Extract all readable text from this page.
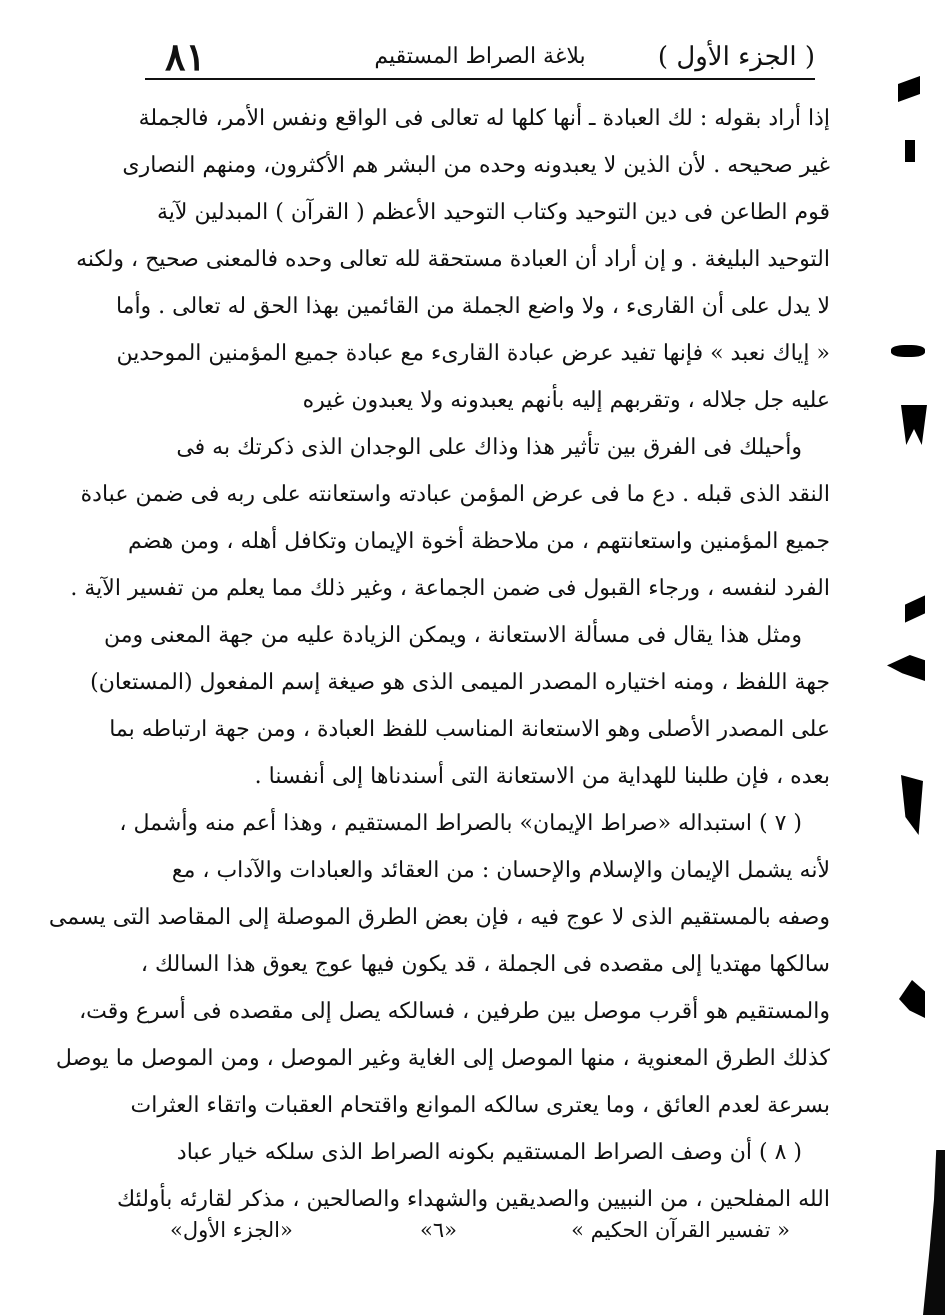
( الجزء الأول )
بلاغة الصراط المستقيم
٨١
إذا أراد بقوله : لك العبادة ـ أنها كلها له تعالى فى الواقع ونفس الأمر، فالجملة
غير صحيحه . لأن الذين لا يعبدونه وحده من البشر هم الأكثرون، ومنهم النصارى
قوم الطاعن فى دين التوحيد وكتاب التوحيد الأعظم ( القرآن ) المبدلين لآية
التوحيد البليغة . و إن أراد أن العبادة مستحقة لله تعالى وحده فالمعنى صحيح ، ولكنه
لا يدل على أن القارىء ، ولا واضع الجملة من القائمين بهذا الحق له تعالى . وأما
« إياك نعبد » فإنها تفيد عرض عبادة القارىء مع عبادة جميع المؤمنين الموحدين
عليه جل جلاله ، وتقربهم إليه بأنهم يعبدونه ولا يعبدون غيره
وأحيلك فى الفرق بين تأثير هذا وذاك على الوجدان الذى ذكرتك به فى
النقد الذى قبله . دع ما فى عرض المؤمن عبادته واستعانته على ربه فى ضمن عبادة
جميع المؤمنين واستعانتهم ، من ملاحظة أخوة الإيمان وتكافل أهله ، ومن هضم
الفرد لنفسه ، ورجاء القبول فى ضمن الجماعة ، وغير ذلك مما يعلم من تفسير الآية .
ومثل هذا يقال فى مسألة الاستعانة ، ويمكن الزيادة عليه من جهة المعنى ومن
جهة اللفظ ، ومنه اختياره المصدر الميمى الذى هو صيغة إسم المفعول (المستعان)
على المصدر الأصلى وهو الاستعانة المناسب للفظ العبادة ، ومن جهة ارتباطه بما
بعده ، فإن طلبنا للهداية من الاستعانة التى أسندناها إلى أنفسنا .
( ٧ ) استبداله «صراط الإيمان» بالصراط المستقيم ، وهذا أعم منه وأشمل ،
لأنه يشمل الإيمان والإسلام والإحسان : من العقائد والعبادات والآداب ، مع
وصفه بالمستقيم الذى لا عوج فيه ، فإن بعض الطرق الموصلة إلى المقاصد التى يسمى
سالكها مهتديا إلى مقصده فى الجملة ، قد يكون فيها عوج يعوق هذا السالك ،
والمستقيم هو أقرب موصل بين طرفين ، فسالكه يصل إلى مقصده فى أسرع وقت،
كذلك الطرق المعنوية ، منها الموصل إلى الغاية وغير الموصل ، ومن الموصل ما يوصل
بسرعة لعدم العائق ، وما يعترى سالكه الموانع واقتحام العقبات واتقاء العثرات
( ٨ ) أن وصف الصراط المستقيم بكونه الصراط الذى سلكه خيار عباد
الله المفلحين ، من النبيين والصديقين والشهداء والصالحين ، مذكر لقارئه بأولئك
« تفسير القرآن الحكيم »
«٦»
«الجزء الأول»
